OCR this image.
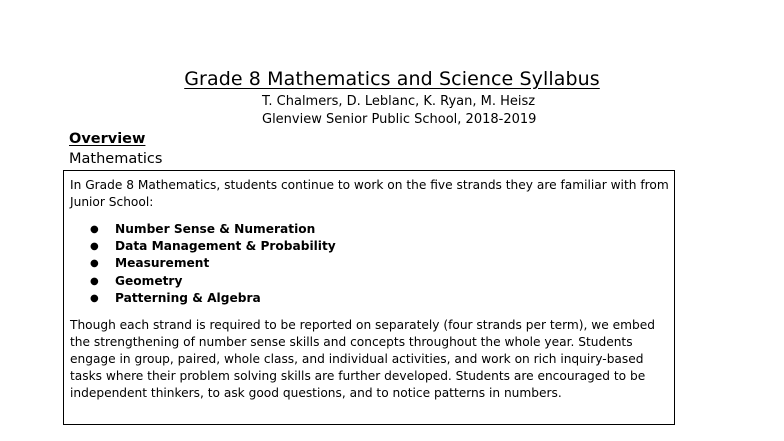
Grade 8 Mathematics and Science Syllabus
T. Chalmers, D. Leblanc, K. Ryan, M. Heisz
Glenview Senior Public School, 2018-2019
Overview
Mathematics
In Grade 8 Mathematics, students continue to work on the five strands they are familiar with from Junior School:
● Number Sense & Numeration
● Data Management & Probability
● Measurement
● Geometry
● Patterning & Algebra
Though each strand is required to be reported on separately (four strands per term), we embed the strengthening of number sense skills and concepts throughout the whole year. Students engage in group, paired, whole class, and individual activities, and work on rich inquiry-based tasks where their problem solving skills are further developed. Students are encouraged to be independent thinkers, to ask good questions, and to notice patterns in numbers.
